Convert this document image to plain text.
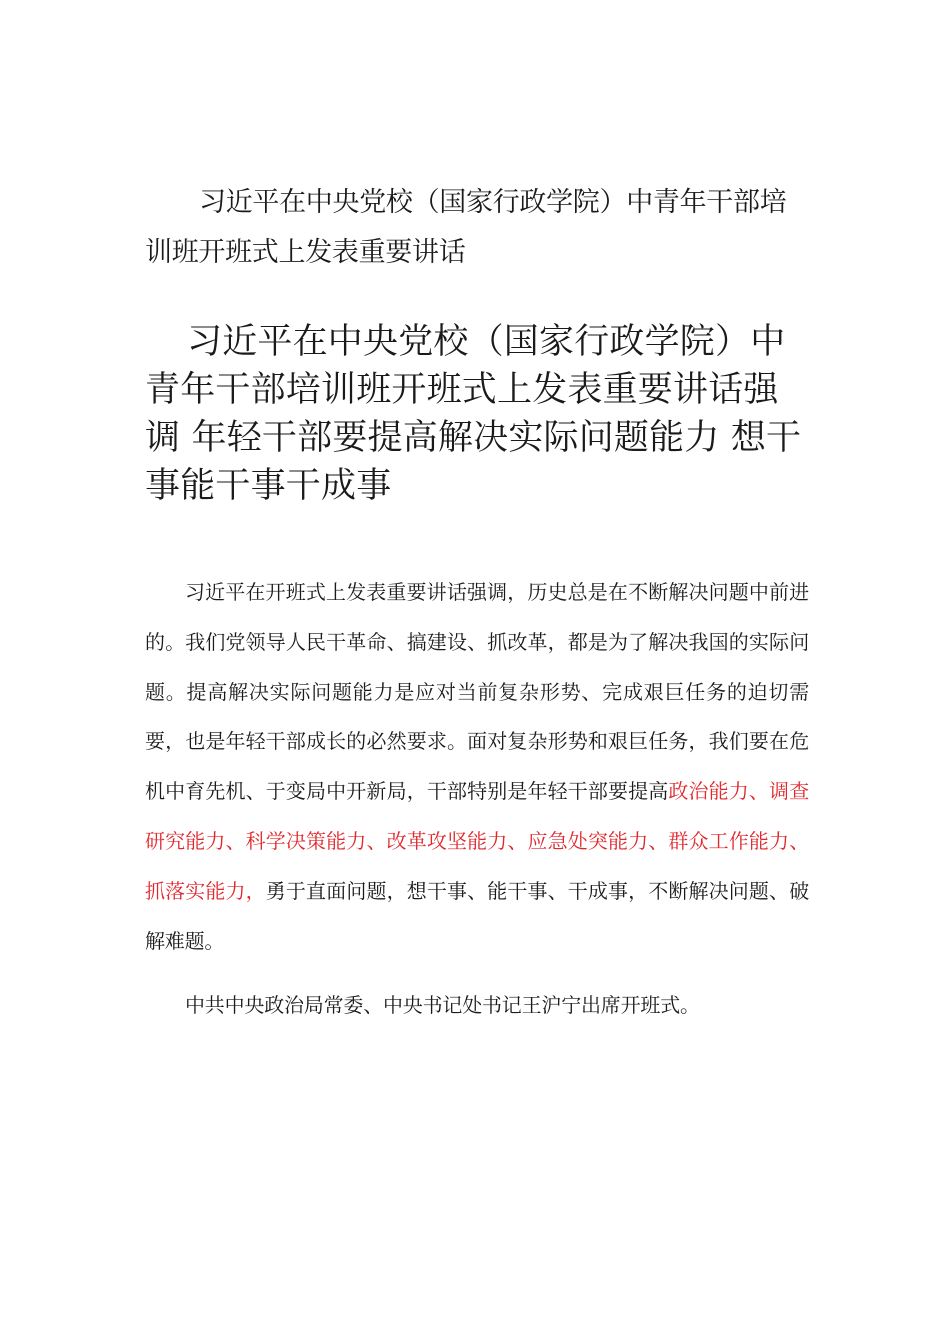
习近平在中央党校（国家行政学院）中青年干部培训班开班式上发表重要讲话
习近平在中央党校（国家行政学院）中青年干部培训班开班式上发表重要讲话强调 年轻干部要提高解决实际问题能力 想干事能干事干成事

习近平在开班式上发表重要讲话强调，历史总是在不断解决问题中前进的。我们党领导人民干革命、搞建设、抓改革，都是为了解决我国的实际问题。提高解决实际问题能力是应对当前复杂形势、完成艰巨任务的迫切需要，也是年轻干部成长的必然要求。面对复杂形势和艰巨任务，我们要在危机中育先机、于变局中开新局，干部特别是年轻干部要提高政治能力、调查研究能力、科学决策能力、改革攻坚能力、应急处突能力、群众工作能力、抓落实能力，勇于直面问题，想干事、能干事、干成事，不断解决问题、破解难题。

中共中央政治局常委、中央书记处书记王沪宁出席开班式。
